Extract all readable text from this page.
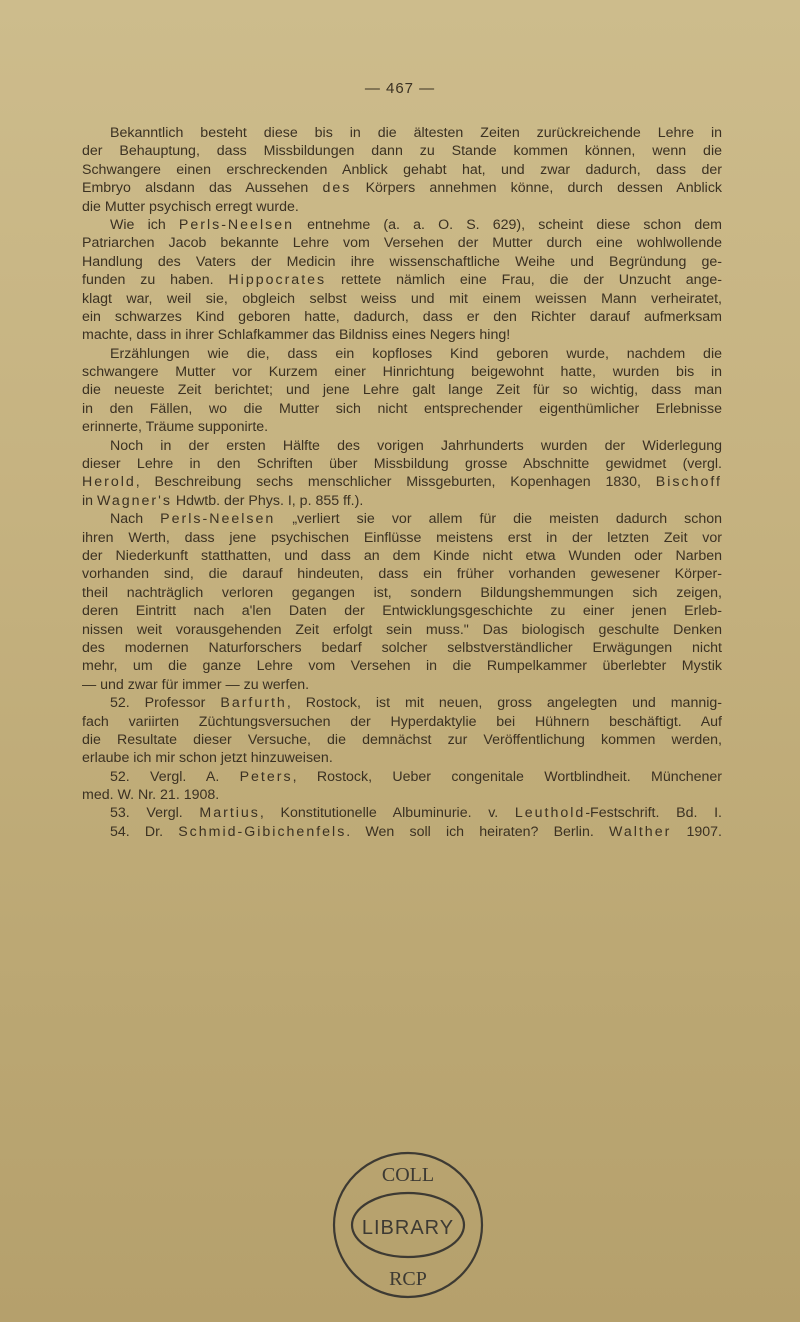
— 467 —
Bekanntlich besteht diese bis in die ältesten Zeiten zurückreichende Lehre in
der Behauptung, dass Missbildungen dann zu Stande kommen können, wenn die
Schwangere einen erschreckenden Anblick gehabt hat, und zwar dadurch, dass der
Embryo alsdann das Aussehen des Körpers annehmen könne, durch dessen Anblick
die Mutter psychisch erregt wurde.
Wie ich Perls-Neelsen entnehme (a. a. O. S. 629), scheint diese schon dem
Patriarchen Jacob bekannte Lehre vom Versehen der Mutter durch eine wohlwollende
Handlung des Vaters der Medicin ihre wissenschaftliche Weihe und Begründung ge-
funden zu haben. Hippocrates rettete nämlich eine Frau, die der Unzucht ange-
klagt war, weil sie, obgleich selbst weiss und mit einem weissen Mann verheiratet,
ein schwarzes Kind geboren hatte, dadurch, dass er den Richter darauf aufmerksam
machte, dass in ihrer Schlafkammer das Bildniss eines Negers hing!
Erzählungen wie die, dass ein kopfloses Kind geboren wurde, nachdem die
schwangere Mutter vor Kurzem einer Hinrichtung beigewohnt hatte, wurden bis in
die neueste Zeit berichtet; und jene Lehre galt lange Zeit für so wichtig, dass man
in den Fällen, wo die Mutter sich nicht entsprechender eigenthümlicher Erlebnisse
erinnerte, Träume supponirte.
Noch in der ersten Hälfte des vorigen Jahrhunderts wurden der Widerlegung
dieser Lehre in den Schriften über Missbildung grosse Abschnitte gewidmet (vergl.
Herold, Beschreibung sechs menschlicher Missgeburten, Kopenhagen 1830, Bischoff
in Wagner's Hdwtb. der Phys. I, p. 855 ff.).
Nach Perls-Neelsen „verliert sie vor allem für die meisten dadurch schon
ihren Werth, dass jene psychischen Einflüsse meistens erst in der letzten Zeit vor
der Niederkunft statthatten, und dass an dem Kinde nicht etwa Wunden oder Narben
vorhanden sind, die darauf hindeuten, dass ein früher vorhanden gewesener Körper-
theil nachträglich verloren gegangen ist, sondern Bildungshemmungen sich zeigen,
deren Eintritt nach a'len Daten der Entwicklungsgeschichte zu einer jenen Erleb-
nissen weit vorausgehenden Zeit erfolgt sein muss." Das biologisch geschulte Denken
des modernen Naturforschers bedarf solcher selbstverständlicher Erwägungen nicht
mehr, um die ganze Lehre vom Versehen in die Rumpelkammer überlebter Mystik
— und zwar für immer — zu werfen.
52. Professor Barfurth, Rostock, ist mit neuen, gross angelegten und mannig-
fach variirten Züchtungsversuchen der Hyperdaktylie bei Hühnern beschäftigt. Auf
die Resultate dieser Versuche, die demnächst zur Veröffentlichung kommen werden,
erlaube ich mir schon jetzt hinzuweisen.
52. Vergl. A. Peters, Rostock, Ueber congenitale Wortblindheit. Münchener
med. W. Nr. 21. 1908.
53. Vergl. Martius, Konstitutionelle Albuminurie. v. Leuthold-Festschrift. Bd. I.
54. Dr. Schmid-Gibichenfels. Wen soll ich heiraten? Berlin. Walther 1907.
COLL
LIBRARY
RCP
